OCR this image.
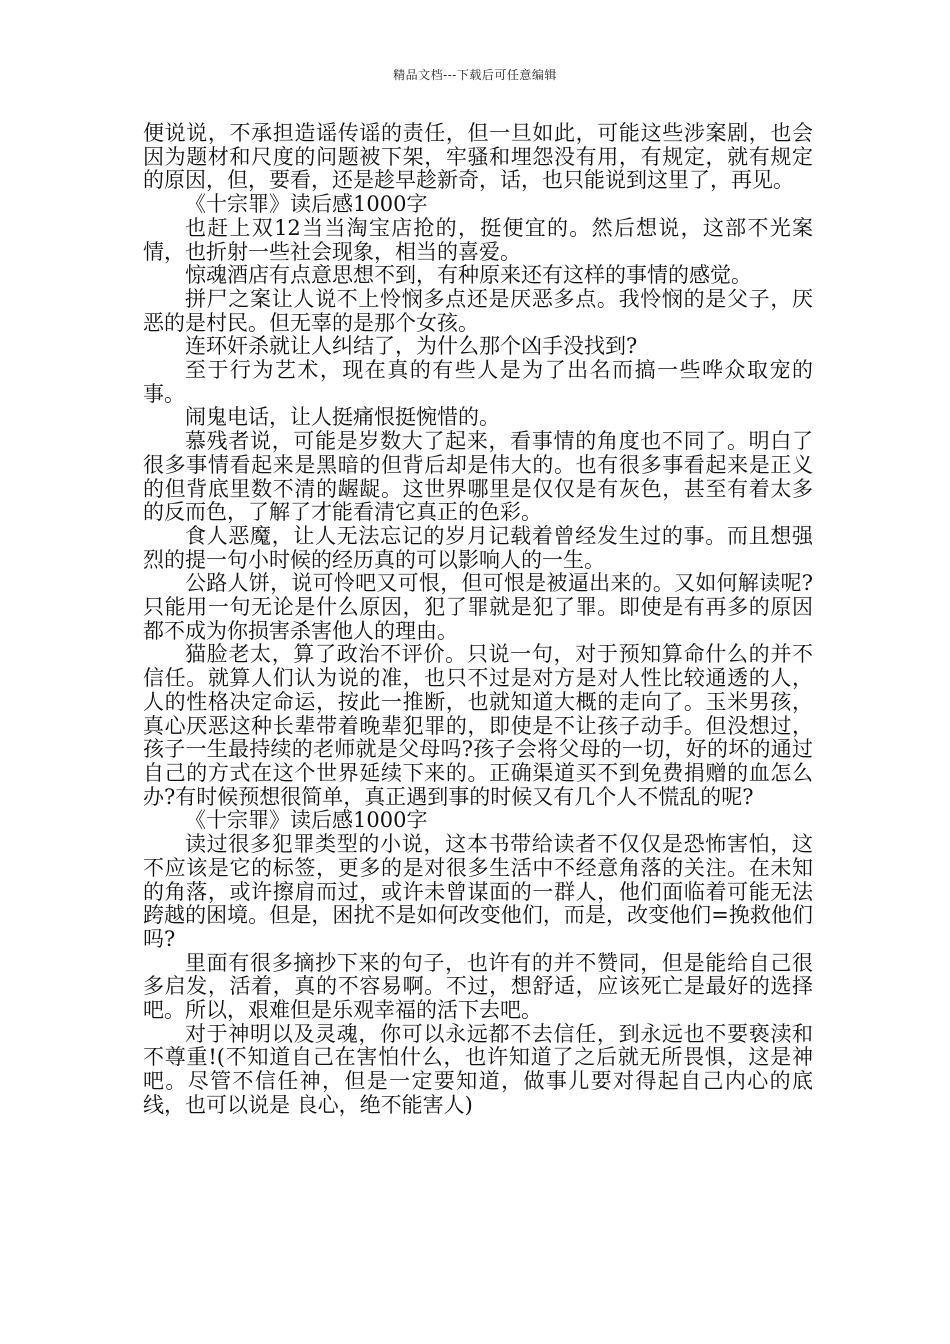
精品文档---下载后可任意编辑

便说说，不承担造谣传谣的责任，但一旦如此，可能这些涉案剧，也会因为题材和尺度的问题被下架，牢骚和埋怨没有用，有规定，就有规定的原因，但，要看，还是趁早趁新奇，话，也只能说到这里了，再见。

《十宗罪》读后感1000字

也赶上双12当当淘宝店抢的，挺便宜的。然后想说，这部不光案情，也折射一些社会现象，相当的喜爱。

惊魂酒店有点意思想不到，有种原来还有这样的事情的感觉。

拼尸之案让人说不上怜悯多点还是厌恶多点。我怜悯的是父子，厌恶的是村民。但无辜的是那个女孩。

连环奸杀就让人纠结了，为什么那个凶手没找到?

至于行为艺术，现在真的有些人是为了出名而搞一些哗众取宠的事。

闹鬼电话，让人挺痛恨挺惋惜的。

慕残者说，可能是岁数大了起来，看事情的角度也不同了。明白了很多事情看起来是黑暗的但背后却是伟大的。也有很多事看起来是正义的但背底里数不清的龌龊。这世界哪里是仅仅是有灰色，甚至有着太多的反而色，了解了才能看清它真正的色彩。

食人恶魔，让人无法忘记的岁月记载着曾经发生过的事。而且想强烈的提一句小时候的经历真的可以影响人的一生。

公路人饼，说可怜吧又可恨，但可恨是被逼出来的。又如何解读呢?只能用一句无论是什么原因，犯了罪就是犯了罪。即使是有再多的原因都不成为你损害杀害他人的理由。

猫脸老太，算了政治不评价。只说一句，对于预知算命什么的并不信任。就算人们认为说的准，也只不过是对方是对人性比较通透的人，人的性格决定命运，按此一推断，也就知道大概的走向了。玉米男孩，真心厌恶这种长辈带着晚辈犯罪的，即使是不让孩子动手。但没想过，孩子一生最持续的老师就是父母吗?孩子会将父母的一切，好的坏的通过自己的方式在这个世界延续下来的。正确渠道买不到免费捐赠的血怎么办?有时候预想很简单，真正遇到事的时候又有几个人不慌乱的呢?

《十宗罪》读后感1000字

读过很多犯罪类型的小说，这本书带给读者不仅仅是恐怖害怕，这不应该是它的标签，更多的是对很多生活中不经意角落的关注。在未知的角落，或许擦肩而过，或许未曾谋面的一群人，他们面临着可能无法跨越的困境。但是，困扰不是如何改变他们，而是，改变他们=挽救他们 吗?

里面有很多摘抄下来的句子，也许有的并不赞同，但是能给自己很多启发，活着，真的不容易啊。不过，想舒适，应该死亡是最好的选择吧。所以，艰难但是乐观幸福的活下去吧。

对于神明以及灵魂，你可以永远都不去信任，到永远也不要亵渎和不尊重!(不知道自己在害怕什么，也许知道了之后就无所畏惧，这是神吧。尽管不信任神，但是一定要知道，做事儿要对得起自己内心的底线，也可以说是 良心，绝不能害人)
